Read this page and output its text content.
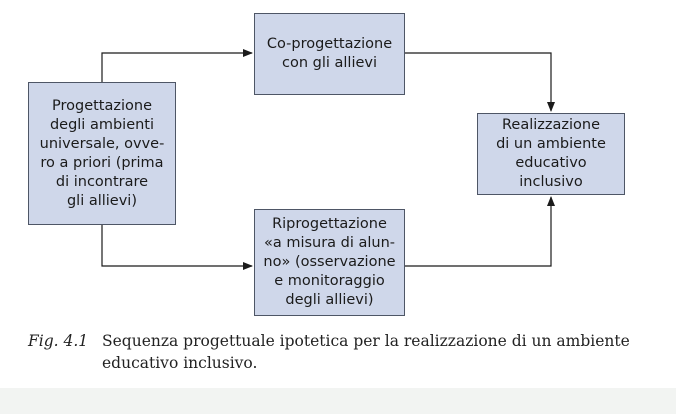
Progettazione
degli ambienti
universale, ovve-
ro a priori (prima
di incontrare
gli allievi)
Co-progettazione
con gli allievi
Riprogettazione
«a misura di alun-
no» (osservazione
e monitoraggio
degli allievi)
Realizzazione
di un ambiente
educativo
inclusivo
Fig. 4.1 Sequenza progettuale ipotetica per la realizzazione di un ambiente
educativo inclusivo.
